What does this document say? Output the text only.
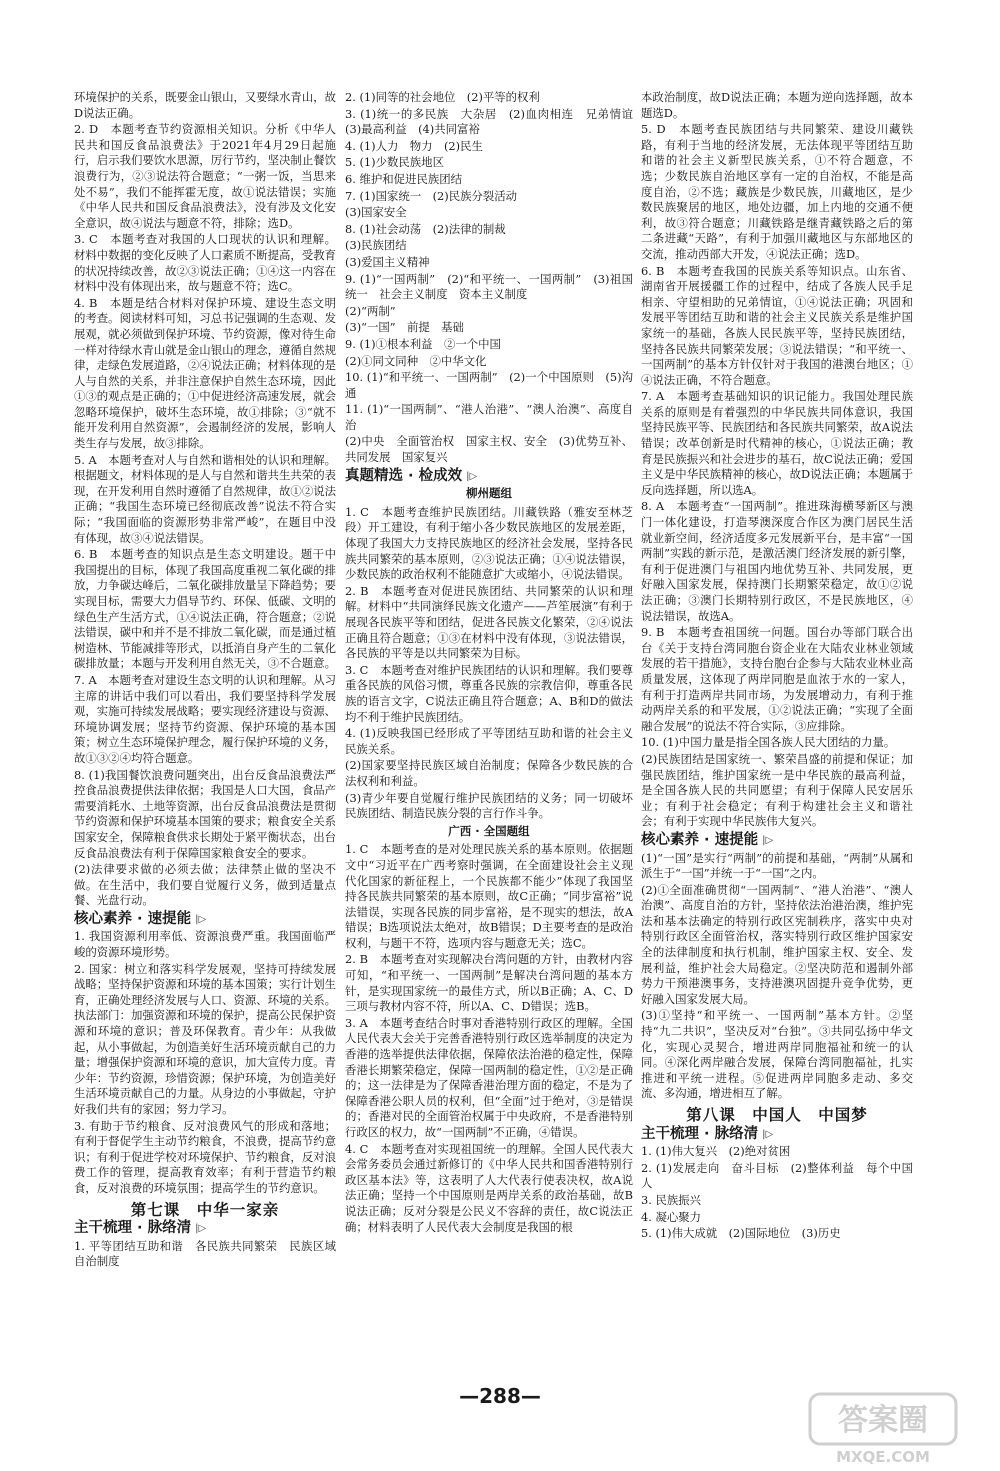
环境保护的关系，既要金山银山，又要绿水青山，故D说法正确。

2. D　本题考查节约资源相关知识。分析《中华人民共和国反食品浪费法》于2021年4月29日起施行，启示我们要饮水思源，厉行节约，坚决制止餐饮浪费行为，②③说法符合题意；“一粥一饭，当思来处不易”，我们不能挥霍无度，故①说法错误；实施《中华人民共和国反食品浪费法》，没有涉及文化安全意识，故④说法与题意不符，排除；选D。

3. C　本题考查对我国的人口现状的认识和理解。材料中数据的变化反映了人口素质不断提高，受教育的状况持续改善，故②③说法正确；①④这一内容在材料中没有体现出来，故与题意不符；选C。

4. B　本题是结合材料对保护环境、建设生态文明的考查。阅读材料可知，习总书记强调的生态观、发展观，就必须做到保护环境、节约资源，像对待生命一样对待绿水青山就是金山银山的理念，遵循自然规律，走绿色发展道路，②④说法正确；材料体现的是人与自然的关系，并非注意保护自然生态环境，因此①③的观点是正确的；①中促进经济高速发展，就会忽略环境保护，破坏生态环境，故①排除；③“就不能开发利用自然资源”，会遏制经济的发展，影响人类生存与发展，故③排除。

5. A　本题考查对人与自然和谐相处的认识和理解。根据题文，材料体现的是人与自然和谐共生共荣的表现，在开发利用自然时遵循了自然规律，故①②说法正确；“我国生态环境已经彻底改善”说法不符合实际；“我国面临的资源形势非常严峻”，在题目中没有体现，故③④说法错误。

6. B　本题考查的知识点是生态文明建设。题干中我国提出的目标，体现了我国高度重视二氧化碳的排放，力争碳达峰后，二氧化碳排放量呈下降趋势；要实现目标，需要大力倡导节约、环保、低碳、文明的绿色生产生活方式，①④说法正确，符合题意；②说法错误，碳中和并不是不排放二氧化碳，而是通过植树造林、节能减排等形式，以抵消自身产生的二氧化碳排放量；本题与开发利用自然无关，③不合题意。

7. A　本题考查对建设生态文明的认识和理解。从习主席的讲话中我们可以看出，我们要坚持科学发展观，实施可持续发展战略；要实现经济建设与资源、环境协调发展；坚持节约资源、保护环境的基本国策；树立生态环境保护理念，履行保护环境的义务，故①③②④均符合题意。

8. (1)我国餐饮浪费问题突出，出台反食品浪费法严控食品浪费提供法律依据；我国是人口大国，食品产需要消耗水、土地等资源，出台反食品浪费法是贯彻节约资源和保护环境基本国策的要求；粮食安全关系国家安全，保障粮食供求长期处于紧平衡状态，出台反食品浪费法有利于保障国家粮食安全的要求。

(2)法律要求做的必须去做；法律禁止做的坚决不做。在生活中，我们要自觉履行义务，做到适量点餐、光盘行动。

核心素养 · 速提能 |▷

1. 我国资源利用率低、资源浪费严重。我国面临严峻的资源环境形势。

2. 国家：树立和落实科学发展观，坚持可持续发展战略；坚持保护资源和环境的基本国策；实行计划生育，正确处理经济发展与人口、资源、环境的关系。执法部门：加强资源和环境的保护，提高公民保护资源和环境的意识；普及环保教育。青少年：从我做起，从小事做起，为创造美好生活环境贡献自己的力量；增强保护资源和环境的意识，加大宣传力度。青少年：节约资源，珍惜资源；保护环境，为创造美好生活环境贡献自己的力量。从身边的小事做起，守护好我们共有的家园；努力学习。

3. 有助于节约粮食、反对浪费风气的形成和落地；有利于督促学生主动节约粮食，不浪费，提高节约意识；有利于促进学校对环境保护、节约粮食，反对浪费工作的管理，提高教育效率；有利于营造节约粮食，反对浪费的环境氛围；提高学生的节约意识。

第七课　中华一家亲
主干梳理 · 脉络清 |▷

1. 平等团结互助和谐　各民族共同繁荣　民族区域自治制度

2. (1)同等的社会地位　(2)平等的权利

3. (1)统一的多民族　大杂居　(2)血肉相连　兄弟情谊　(3)最高利益　(4)共同富裕

4. (1)人力　物力　(2)民生

5. (1)少数民族地区

6. 维护和促进民族团结

7. (1)国家统一　(2)民族分裂活动

(3)国家安全

8. (1)社会动荡　(2)法律的制裁

(3)民族团结

(3)爱国主义精神

9. (1)“一国两制”　(2)“和平统一、一国两制”　(3)祖国统一　社会主义制度　资本主义制度

(2)“两制”

(3)“一国”　前提　基础

9. (1)①根本利益　②一个中国

(2)①同文同种　②中华文化

10. (1)“和平统一、一国两制”　(2)一个中国原则　(5)沟通

11. (1)“一国两制”、“港人治港”、“澳人治澳”、高度自治

(2)中央　全面管治权　国家主权、安全　(3)优势互补、共同发展　国家复兴

真题精选 · 检成效 |▷
柳州题组

1. C　本题考查维护民族团结。川藏铁路（雅安至林芝段）开工建设，有利于缩小各少数民族地区的发展差距，体现了我国大力支持民族地区的经济社会发展，坚持各民族共同繁荣的基本原则，②③说法正确；①④说法错误，少数民族的政治权利不能随意扩大或缩小，④说法错误。

2. B　本题考查对促进民族团结、共同繁荣的认识和理解。材料中“共同演绎民族文化遗产——芦笙展演”有利于展现各民族平等和团结，促进各民族文化繁荣，②④说法正确且符合题意；①③在材料中没有体现，③说法错误，各民族的平等是以共同繁荣为目标。

3. C　本题考查对维护民族团结的认识和理解。我们要尊重各民族的风俗习惯，尊重各民族的宗教信仰，尊重各民族的语言文字，C说法正确且符合题意；A、B和D的做法均不利于维护民族团结。

4. (1)反映我国已经形成了平等团结互助和谐的社会主义民族关系。

(2)国家要坚持民族区域自治制度；保障各少数民族的合法权利和利益。

(3)青少年要自觉履行维护民族团结的义务；同一切破坏民族团结、制造民族分裂的言行作斗争。

广西 · 全国题组

1. C　本题考查的是对处理民族关系的基本原则。依据题文中“习近平在广西考察时强调，在全面建设社会主义现代化国家的新征程上，一个民族都不能少”体现了我国坚持各民族共同繁荣的基本原则，故C正确；“同步富裕”说法错误，实现各民族的同步富裕，是不现实的想法，故A错误；B选项说法太绝对，故B错误；D主要考查的是政治权利，与题干不符，选项内容与题意无关；选C。

2. B　本题考查对实现解决台湾问题的方针，由教材内容可知，“和平统一、一国两制”是解决台湾问题的基本方针，是实现国家统一的最佳方式，所以B正确；A、C、D三项与教材内容不符，所以A、C、D错误；选B。

3. A　本题考查结合时事对香港特别行政区的理解。全国人民代表大会关于完善香港特别行政区选举制度的决定为香港的选举提供法律依据，保障依法治港的稳定性，保障香港长期繁荣稳定，保障一国两制的稳定性，①②是正确的；这一法律是为了保障香港治理方面的稳定，不是为了保障香港公职人员的权利，但“全面”过于绝对，③是错误的；香港对民的全面管治权属于中央政府，不是香港特别行政区的权力，故“一国两制”不正确，④错误。

4. C　本题考查对实现祖国统一的理解。全国人民代表大会常务委员会通过新修订的《中华人民共和国香港特别行政区基本法》等，这表明了人大代表行使表决权，故A说法正确；坚持一个中国原则是两岸关系的政治基础，故B说法正确；反对分裂是公民义不容辞的责任，故C说法正确；材料表明了人民代表大会制度是我国的根

本政治制度，故D说法正确；本题为逆向选择题，故本题选D。

5. D　本题考查民族团结与共同繁荣、建设川藏铁路，有利于当地的经济发展，无法体现平等团结互助和谐的社会主义新型民族关系，①不符合题意，不选；少数民族自治地区享有一定的自治权，不能是高度自治，②不选；藏族是少数民族，川藏地区，是少数民族聚居的地区，地处边疆，加上内地的交通不便利，故③符合题意；川藏铁路是继青藏铁路之后的第二条进藏“天路”，有利于加强川藏地区与东部地区的交流，推动西部大开发，④说法正确；选D。

6. B　本题考查我国的民族关系等知识点。山东省、湖南省开展援疆工作的过程中，结成了各族人民手足相亲、守望相助的兄弟情谊，①④说法正确；巩固和发展平等团结互助和谐的社会主义民族关系是维护国家统一的基础，各族人民民族平等，坚持民族团结，坚持各民族共同繁荣发展；③说法错误；“和平统一、一国两制”的基本方针仅针对于我国的港澳台地区；①④说法正确，不符合题意。

7. A　本题考查基础知识的识记能力。我国处理民族关系的原则是有着强烈的中华民族共同体意识，我国坚持民族平等、民族团结和各民族共同繁荣，故A说法错误；改革创新是时代精神的核心，①说法正确；教育是民族振兴和社会进步的基石，故C说法正确；爱国主义是中华民族精神的核心，故D说法正确；本题属于反向选择题，所以选A。

8. A　本题考查“一国两制”。推进珠海横琴新区与澳门一体化建设，打造琴澳深度合作区为澳门居民生活就业新空间，经济适度多元发展新平台，是丰富“一国两制”实践的新示范，是激活澳门经济发展的新引擎，有利于促进澳门与祖国内地优势互补、共同发展，更好融入国家发展，保持澳门长期繁荣稳定，故①②说法正确；③澳门长期特别行政区，不是民族地区，④说法错误，故选A。

9. B　本题考查祖国统一问题。国台办等部门联合出台《关于支持台湾同胞台资企业在大陆农业林业领域发展的若干措施》，支持台胞台企参与大陆农业林业高质量发展，这体现了两岸同胞是血浓于水的一家人，有利于打造两岸共同市场，为发展增动力，有利于推动两岸关系的和平发展，①②说法正确；“实现了全面融合发展”的说法不符合实际，③应排除。

10. (1)中国力量是指全国各族人民大团结的力量。

(2)民族团结是国家统一、繁荣昌盛的前提和保证；加强民族团结，维护国家统一是中华民族的最高利益，是全国各族人民的共同愿望；有利于保障人民安居乐业；有利于社会稳定；有利于构建社会主义和谐社会；有利于实现中华民族伟大复兴。

核心素养 · 速提能 |▷

(1)“一国”是实行“两制”的前提和基础，“两制”从属和派生于“一国”并统一于“一国”之内。

(2)①全面准确贯彻“一国两制”、“港人治港”、“澳人治澳”、高度自治的方针，坚持依法治港治澳，维护宪法和基本法确定的特别行政区宪制秩序，落实中央对特别行政区全面管治权，落实特别行政区维护国家安全的法律制度和执行机制，维护国家主权、安全、发展利益，维护社会大局稳定。②坚决防范和遏制外部势力干预港澳事务，支持港澳巩固提升竞争优势，更好融入国家发展大局。

(3)①坚持“和平统一、一国两制”基本方针。②坚持“九二共识”，坚决反对“台独”。③共同弘扬中华文化，实现心灵契合，增进两岸同胞福祉和统一的认同。④深化两岸融合发展，保障台湾同胞福祉，扎实推进和平统一进程。⑤促进两岸同胞多走动、多交流、多沟通，增进相互了解。

第八课　中国人　中国梦
主干梳理 · 脉络清 |▷

1. (1)伟大复兴　(2)绝对贫困

2. (1)发展走向　奋斗目标　(2)整体利益　每个中国人

3. 民族振兴

4. 凝心聚力

5. (1)伟大成就　(2)国际地位　(3)历史

—288—
答案圈
MXQE.COM
